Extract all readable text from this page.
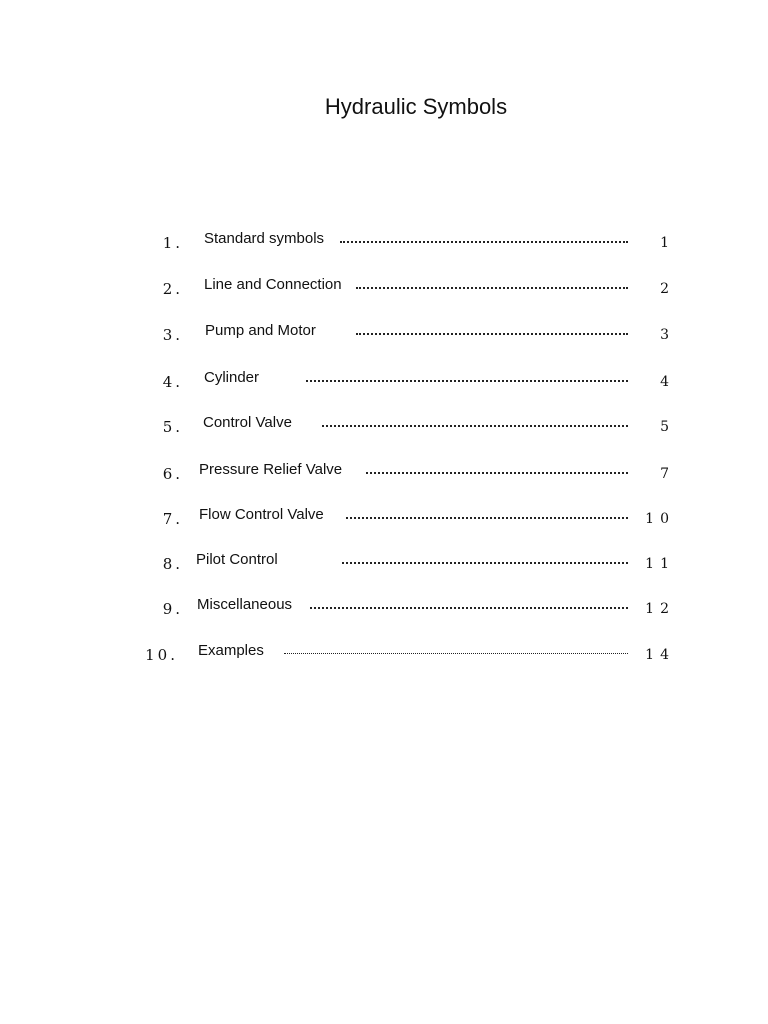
Hydraulic Symbols
1. Standard symbols	1
2. Line and Connection	2
3. Pump and Motor	3
4. Cylinder	4
5. Control Valve	5
6. Pressure Relief Valve	7
7. Flow Control Valve	10
8. Pilot Control	11
9. Miscellaneous	12
10. Examples	14
